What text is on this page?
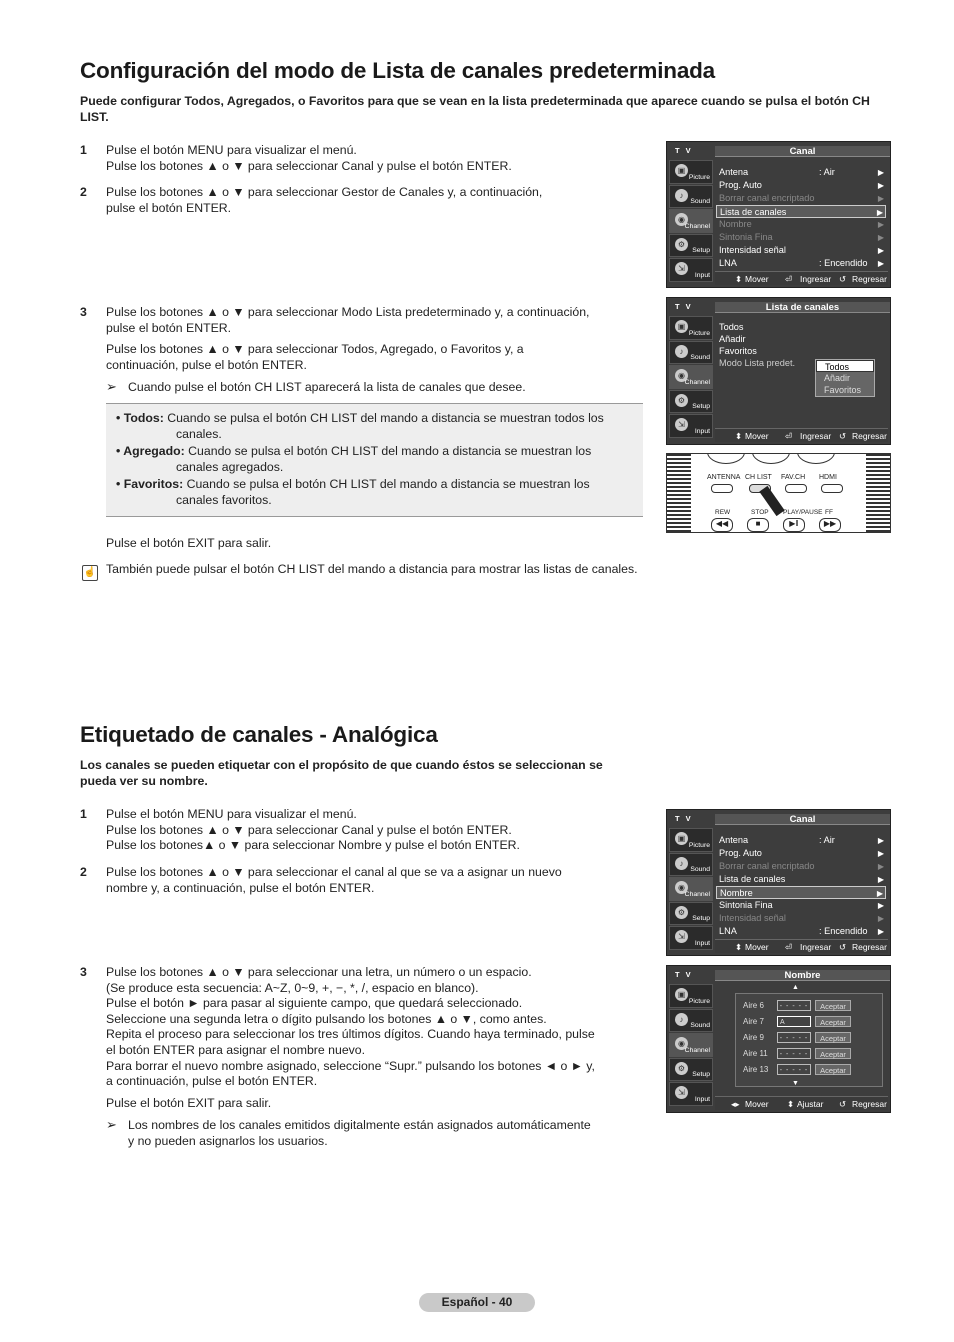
Configuración del modo de Lista de canales predeterminada
Puede configurar Todos, Agregados, o Favoritos para que se vean en la lista predeterminada que aparece cuando se pulsa el botón CH LIST.
1 Pulse el botón MENU para visualizar el menú.

Pulse los botones ▲ o ▼ para seleccionar Canal y pulse el botón ENTER.

2 Pulse los botones ▲ o ▼ para seleccionar Gestor de Canales y, a continuación,

pulse el botón ENTER.

3 Pulse los botones ▲ o ▼ para seleccionar Modo Lista predeterminado y, a continuación,

pulse el botón ENTER.

Pulse los botones ▲ o ▼ para seleccionar Todos, Agregado, o Favoritos y, a

continuación, pulse el botón ENTER.

➢ Cuando pulse el botón CH LIST aparecerá la lista de canales que desee.

• Todos: Cuando se pulsa el botón CH LIST del mando a distancia se muestran todos los canales.
• Agregado: Cuando se pulsa el botón CH LIST del mando a distancia se muestran los canales agregados.
• Favoritos: Cuando se pulsa el botón CH LIST del mando a distancia se muestran los canales favoritos.
Pulse el botón EXIT para salir.
☝ También puede pulsar el botón CH LIST del mando a distancia para mostrar las listas de canales.
T V	Canal
▣
Picture
♪
Sound
◉
Channel
⚙
Setup
⇲
Input
Antena	: Air	▶
Prog. Auto	▶
Borrar canal encriptado	▶
Lista de canales	▶
Nombre	▶
Sintonia Fina	▶
Intensidad señal	▶
LNA	: Encendido ▶
⬍ Mover ⏎ Ingresar ↺ Regresar
T V	Lista de canales
▣
Picture
♪
Sound
◉
Channel
⚙
Setup
⇲
Input
Todos
Añadir
Favoritos
Modo Lista predet.	Todos
Añadir
Favoritos
⬍ Mover ⏎ Ingresar ↺ Regresar
ANTENNA CH LIST FAV.CH HDMI
REW	STOP PLAY/PAUSE FF
◀◀	■	▶ǁ	▶▶
Etiquetado de canales - Analógica
Los canales se pueden etiquetar con el propósito de que cuando éstos se seleccionan se pueda ver su nombre.
1 Pulse el botón MENU para visualizar el menú.

Pulse los botones ▲ o ▼ para seleccionar Canal y pulse el botón ENTER.

Pulse los botones▲ o ▼ para seleccionar Nombre y pulse el botón ENTER.

2 Pulse los botones ▲ o ▼ para seleccionar el canal al que se va a asignar un nuevo

nombre y, a continuación, pulse el botón ENTER.

3 Pulse los botones ▲ o ▼ para seleccionar una letra, un número o un espacio.

(Se produce esta secuencia: A~Z, 0~9, +, −, *, /, espacio en blanco).

Pulse el botón ► para pasar al siguiente campo, que quedará seleccionado.

Seleccione una segunda letra o dígito pulsando los botones ▲ o ▼, como antes.

Repita el proceso para seleccionar los tres últimos dígitos. Cuando haya terminado, pulse

el botón ENTER para asignar el nombre nuevo.

Para borrar el nuevo nombre asignado, seleccione “Supr.” pulsando los botones ◄ o ► y,

a continuación, pulse el botón ENTER.

Pulse el botón EXIT para salir.

➢ Los nombres de los canales emitidos digitalmente están asignados automáticamente

y no pueden asignarlos los usuarios.

T V	Canal
▣
Picture
♪
Sound
◉
Channel
⚙
Setup
⇲
Input
Antena	: Air	▶
Prog. Auto	▶
Borrar canal encriptado	▶
Lista de canales	▶
Nombre	▶
Sintonia Fina	▶
Intensidad señal	▶
LNA	: Encendido ▶
⬍ Mover ⏎ Ingresar ↺ Regresar
T V	Nombre
▣
Picture
♪
Sound
◉
Channel
⚙
Setup
⇲
Input
▲
Aire 6	- - - - -	Aceptar
Aire 7	A	Aceptar
Aire 9	- - - - -	Aceptar
Aire 11	- - - - -	Aceptar
Aire 13	- - - - -	Aceptar
▼
◂▸ Mover ⬍ Ajustar ↺ Regresar
Español - 40
